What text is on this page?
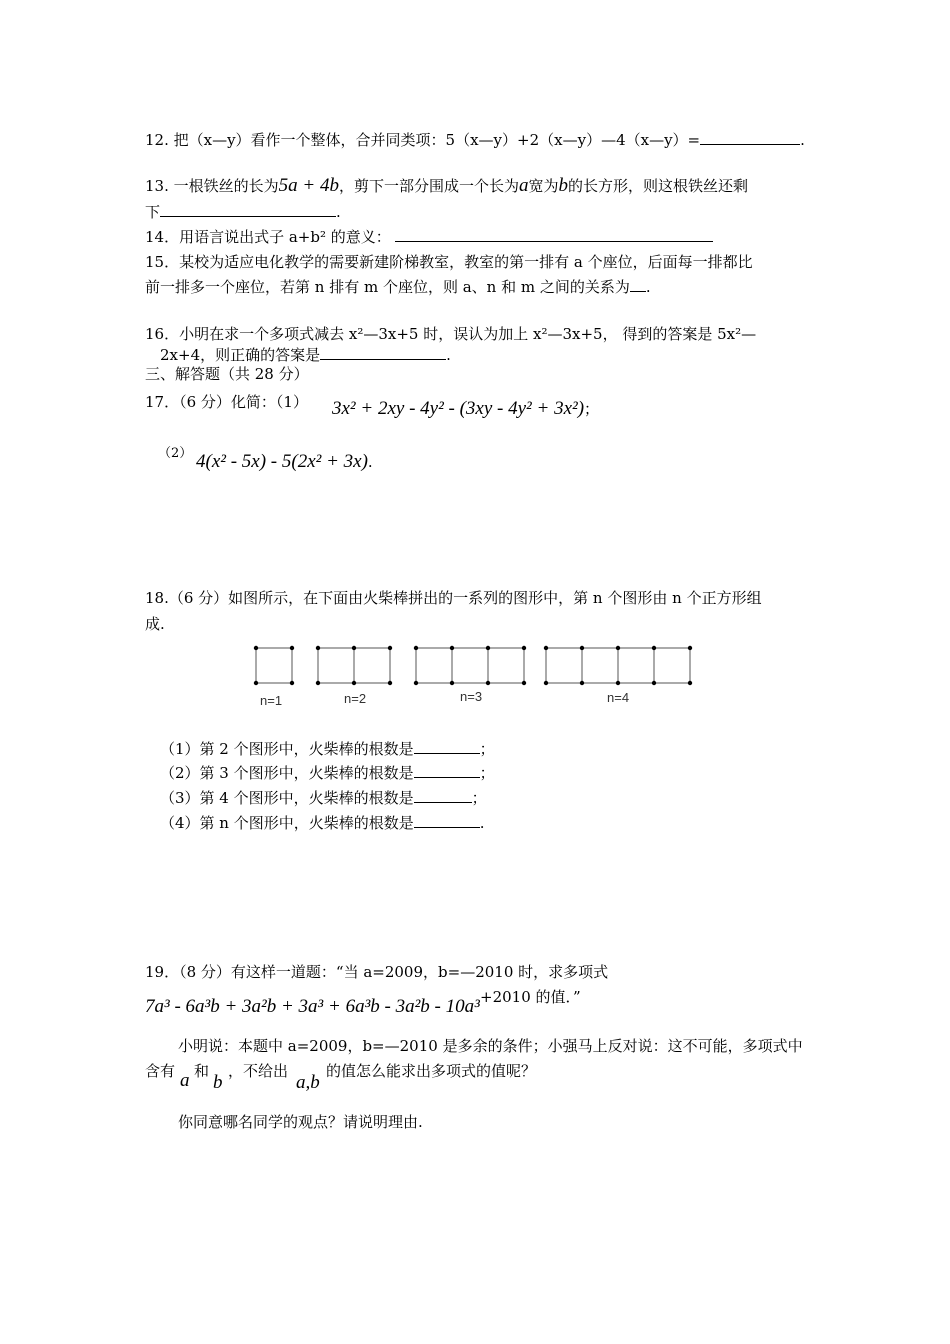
12. 把（x—y）看作一个整体，合并同类项：5（x—y）+2（x—y）—4（x—y）=	.
13. 一根铁丝的长为5a + 4b，剪下一部分围成一个长为a宽为b的长方形，则这根铁丝还剩
下	.
14．用语言说出式子 a+b² 的意义：
15．某校为适应电化教学的需要新建阶梯教室，教室的第一排有 a 个座位，后面每一排都比
前一排多一个座位，若第 n 排有 m 个座位，则 a、n 和 m 之间的关系为 .
16．小明在求一个多项式减去 x²—3x+5 时，误认为加上 x²—3x+5， 得到的答案是 5x²—
2x+4，则正确的答案是	.
三、解答题（共 28 分）
17．（6 分）化简：（1） 3x² + 2xy - 4y² - (3xy - 4y² + 3x²)；
（2） 4(x² - 5x) - 5(2x² + 3x).
18.（6 分）如图所示，在下面由火柴棒拼出的一系列的图形中，第 n 个图形由 n 个正方形组
成.
n=1	n=2	n=3	n=4
（1）第 2 个图形中，火柴棒的根数是	；
（2）第 3 个图形中，火柴棒的根数是	；
（3）第 4 个图形中，火柴棒的根数是	；
（4）第 n 个图形中，火柴棒的根数是	.
19．（8 分）有这样一道题：“当 a=2009，b=—2010 时，求多项式
7a³ - 6a³b + 3a²b + 3a³ + 6a³b - 3a²b - 10a³ +2010 的值．”
小明说：本题中 a=2009，b=—2010 是多余的条件；小强马上反对说：这不可能，多项式中
含有 a 和
b
，不给出
a,b
的值怎么能求出多项式的值呢？
你同意哪名同学的观点？请说明理由.
